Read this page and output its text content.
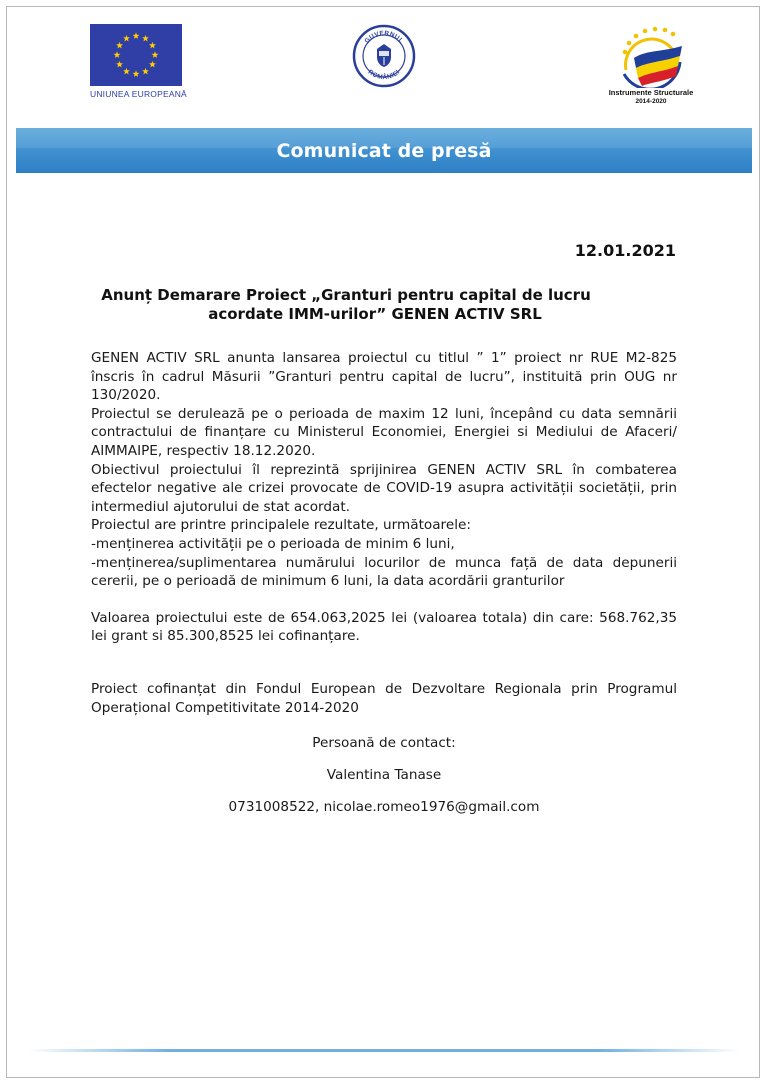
UNIUNEA EUROPEANĂ
GUVERNUL
ROMÂNIEI
Instrumente Structurale
2014-2020
Comunicat de presă
12.01.2021
Anunț Demarare Proiect „Granturi pentru capital de lucru
acordate IMM-urilor” GENEN ACTIV SRL

GENEN ACTIV SRL anunta lansarea proiectul cu titlul ” 1” proiect nr RUE M2-825 înscris în cadrul Măsurii ”Granturi pentru capital de lucru”, instituită prin OUG nr 130/2020.

Proiectul se derulează pe o perioada de maxim 12 luni, începând cu data semnării contractului de finanțare cu Ministerul Economiei, Energiei si Mediului de Afaceri/ AIMMAIPE, respectiv 18.12.2020.

Obiectivul proiectului îl reprezintă sprijinirea GENEN ACTIV SRL în combaterea efectelor negative ale crizei provocate de COVID-19 asupra activității societății, prin intermediul ajutorului de stat acordat.

Proiectul are printre principalele rezultate, următoarele:

-menținerea activității pe o perioada de minim 6 luni,

-menținerea/suplimentarea numărului locurilor de munca față de data depunerii cererii, pe o perioadă de minimum 6 luni, la data acordării granturilor

Valoarea proiectului este de 654.063,2025 lei (valoarea totala) din care: 568.762,35 lei grant si 85.300,8525 lei cofinanțare.

Proiect cofinanțat din Fondul European de Dezvoltare Regionala prin Programul Operațional Competitivitate 2014-2020

Persoană de contact:
Valentina Tanase
0731008522, nicolae.romeo1976@gmail.com
